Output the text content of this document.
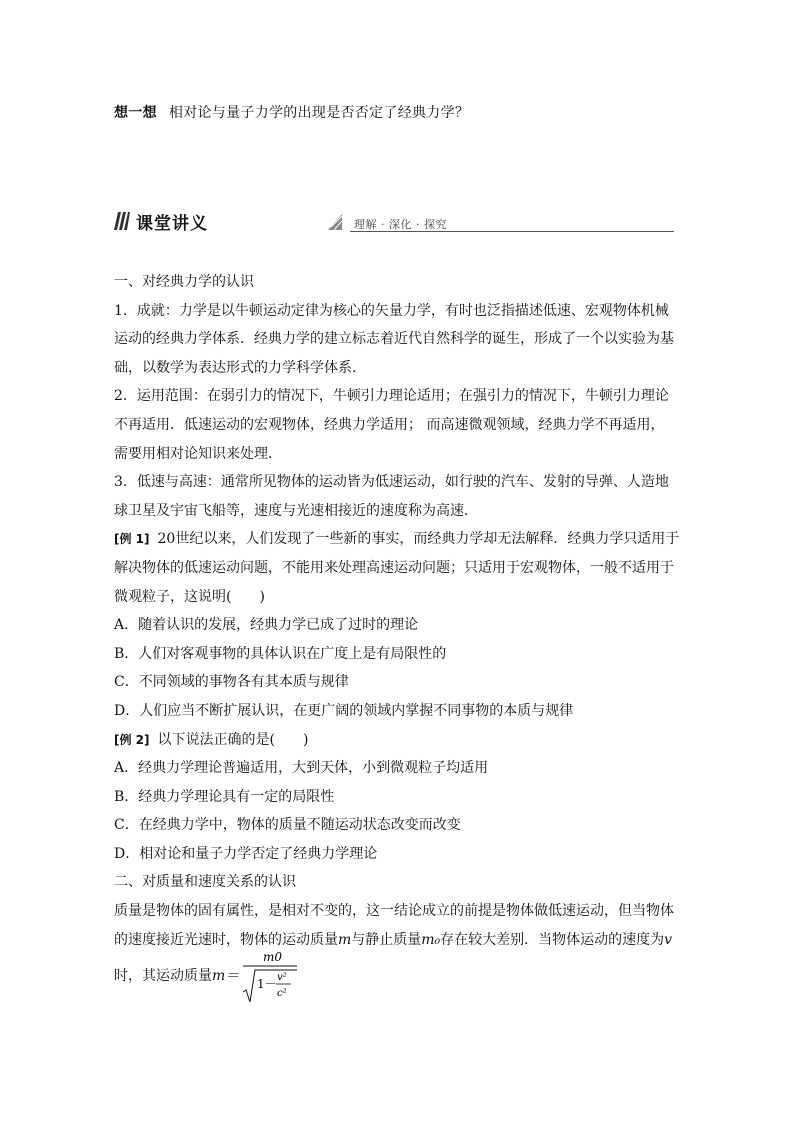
想一想 相对论与量子力学的出现是否否定了经典力学？
课堂讲义	理解 · 深化 · 探究

一、对经典力学的认识

1．成就：力学是以牛顿运动定律为核心的矢量力学，有时也泛指描述低速、宏观物体机械运动的经典力学体系．经典力学的建立标志着近代自然科学的诞生，形成了一个以实验为基础，以数学为表达形式的力学科学体系．

2．运用范围：在弱引力的情况下，牛顿引力理论适用；在强引力的情况下，牛顿引力理论不再适用．低速运动的宏观物体，经典力学适用； 而高速微观领域，经典力学不再适用， 需要用相对论知识来处理．

3．低速与高速：通常所见物体的运动皆为低速运动，如行驶的汽车、发射的导弹、人造地球卫星及宇宙飞船等，速度与光速相接近的速度称为高速．

[例 1] 20世纪以来，人们发现了一些新的事实，而经典力学却无法解释．经典力学只适用于解决物体的低速运动问题，不能用来处理高速运动问题；只适用于宏观物体，一般不适用于微观粒子，这说明(　　)

A．随着认识的发展，经典力学已成了过时的理论

B．人们对客观事物的具体认识在广度上是有局限性的

C．不同领域的事物各有其本质与规律

D．人们应当不断扩展认识，在更广阔的领域内掌握不同事物的本质与规律

[例 2] 以下说法正确的是(　　)

A．经典力学理论普遍适用，大到天体，小到微观粒子均适用

B．经典力学理论具有一定的局限性

C．在经典力学中，物体的质量不随运动状态改变而改变

D．相对论和量子力学否定了经典力学理论

二、对质量和速度关系的认识

质量是物体的固有属性，是相对不变的，这一结论成立的前提是物体做低速运动，但当物体的速度接近光速时，物体的运动质量m与静止质量m₀存在较大差别．当物体运动的速度为v

时，其运动质量 m＝
m0
1－ v²
c²
